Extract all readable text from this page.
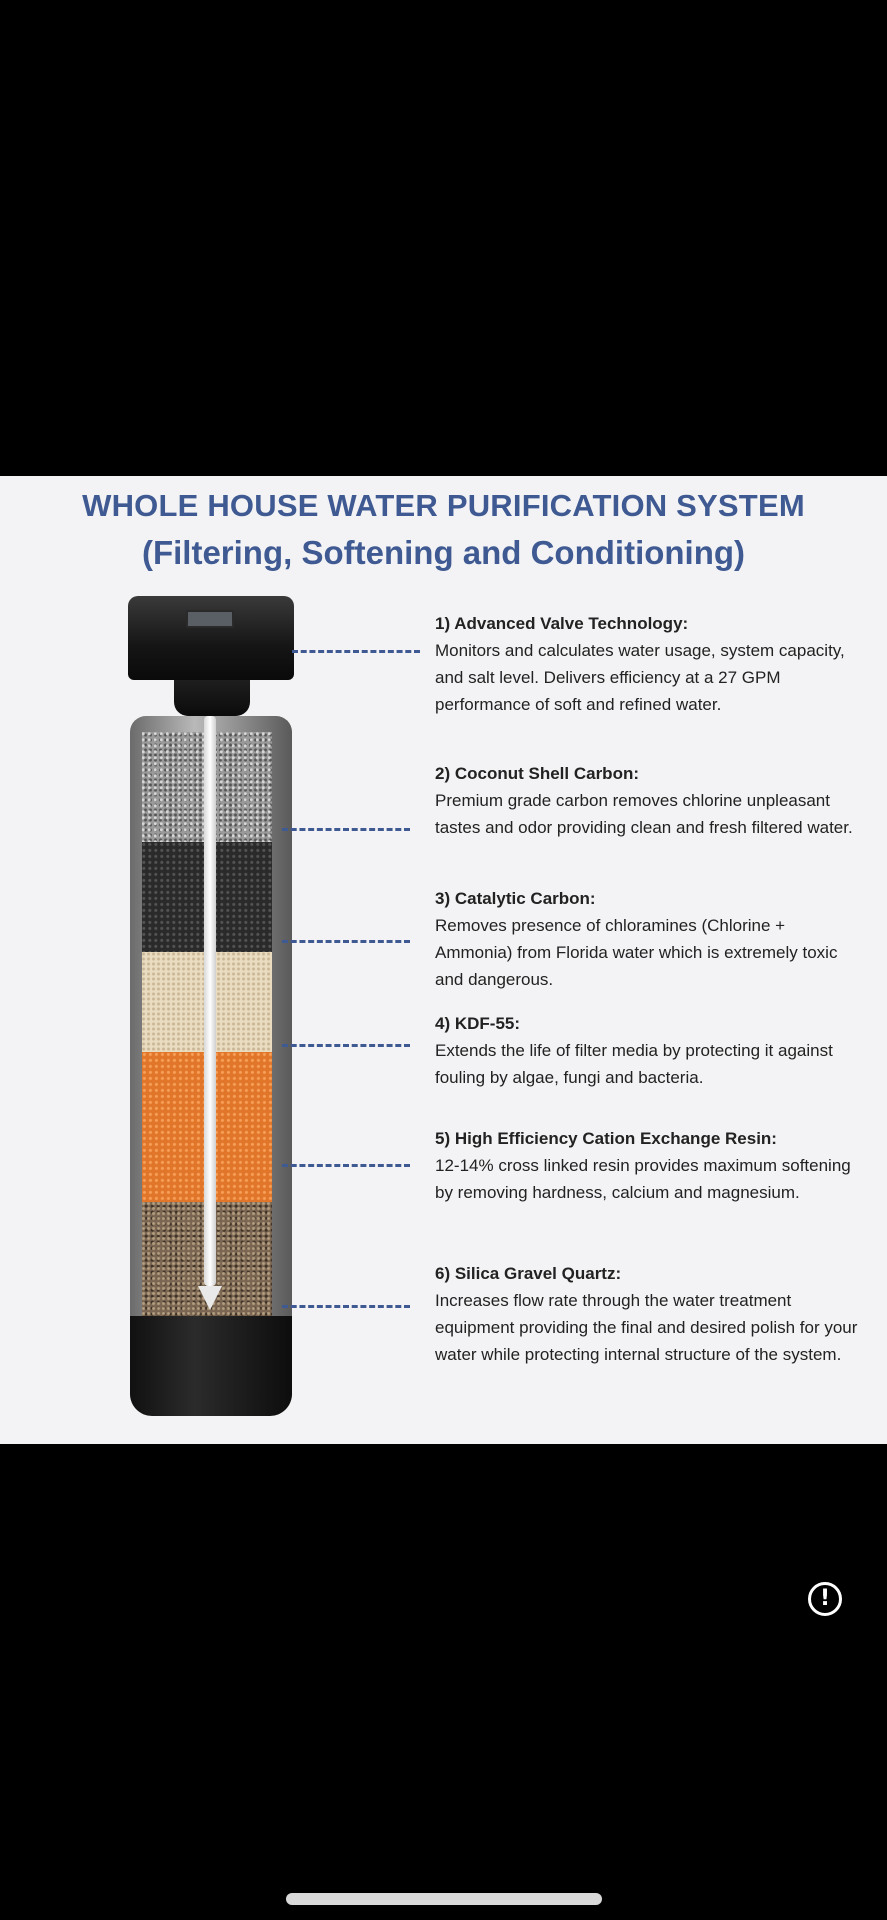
WHOLE HOUSE WATER PURIFICATION SYSTEM
(Filtering, Softening and Conditioning)
1) Advanced Valve Technology:
Monitors and calculates water usage, system capacity, and salt level. Delivers efficiency at a 27 GPM performance of soft and refined water.
2) Coconut Shell Carbon:
Premium grade carbon removes chlorine unpleasant tastes and odor providing clean and fresh filtered water.
3) Catalytic Carbon:
Removes presence of chloramines (Chlorine + Ammonia) from Florida water which is extremely toxic and dangerous.
4) KDF-55:
Extends the life of filter media by protecting it against fouling by algae, fungi and bacteria.
5) High Efficiency Cation Exchange Resin:
12-14% cross linked resin provides maximum softening by removing hardness, calcium and magnesium.
6) Silica Gravel Quartz:
Increases flow rate through the water treatment equipment providing the final and desired polish for your water while protecting internal structure of the system.
!
